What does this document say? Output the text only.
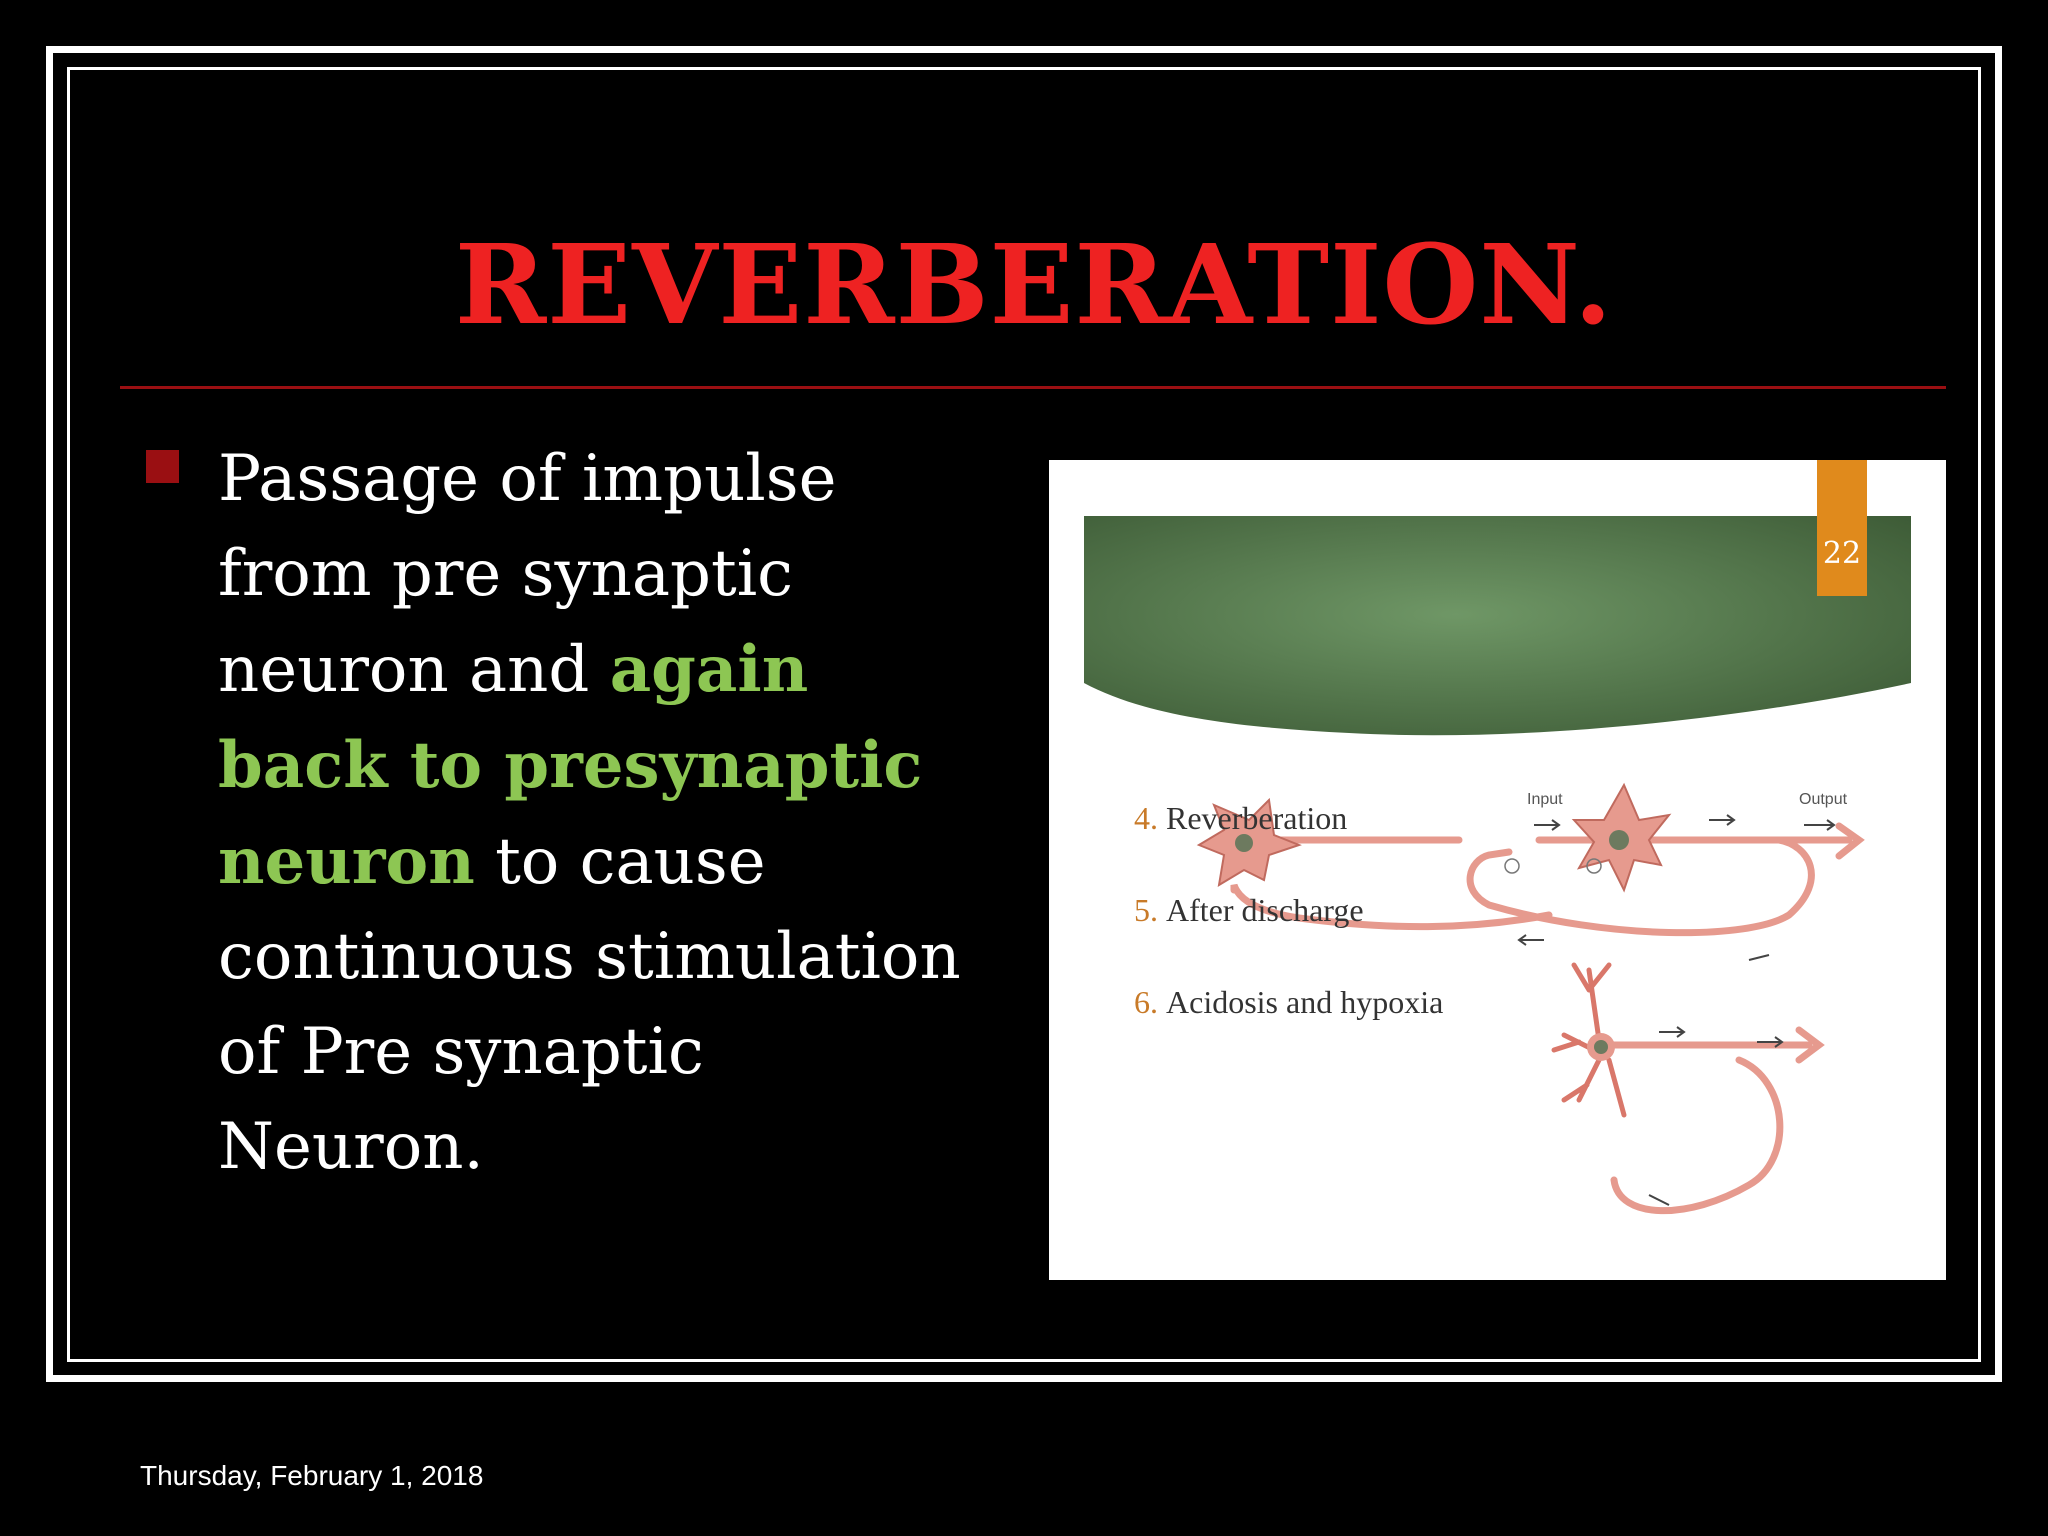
REVERBERATION.
Passage of impulse from pre synaptic neuron and again back to presynaptic neuron to cause continuous stimulation of Pre synaptic Neuron.
22
Input	Output
4. Reverberation
5. After discharge
6. Acidosis and hypoxia
Thursday, February 1, 2018
